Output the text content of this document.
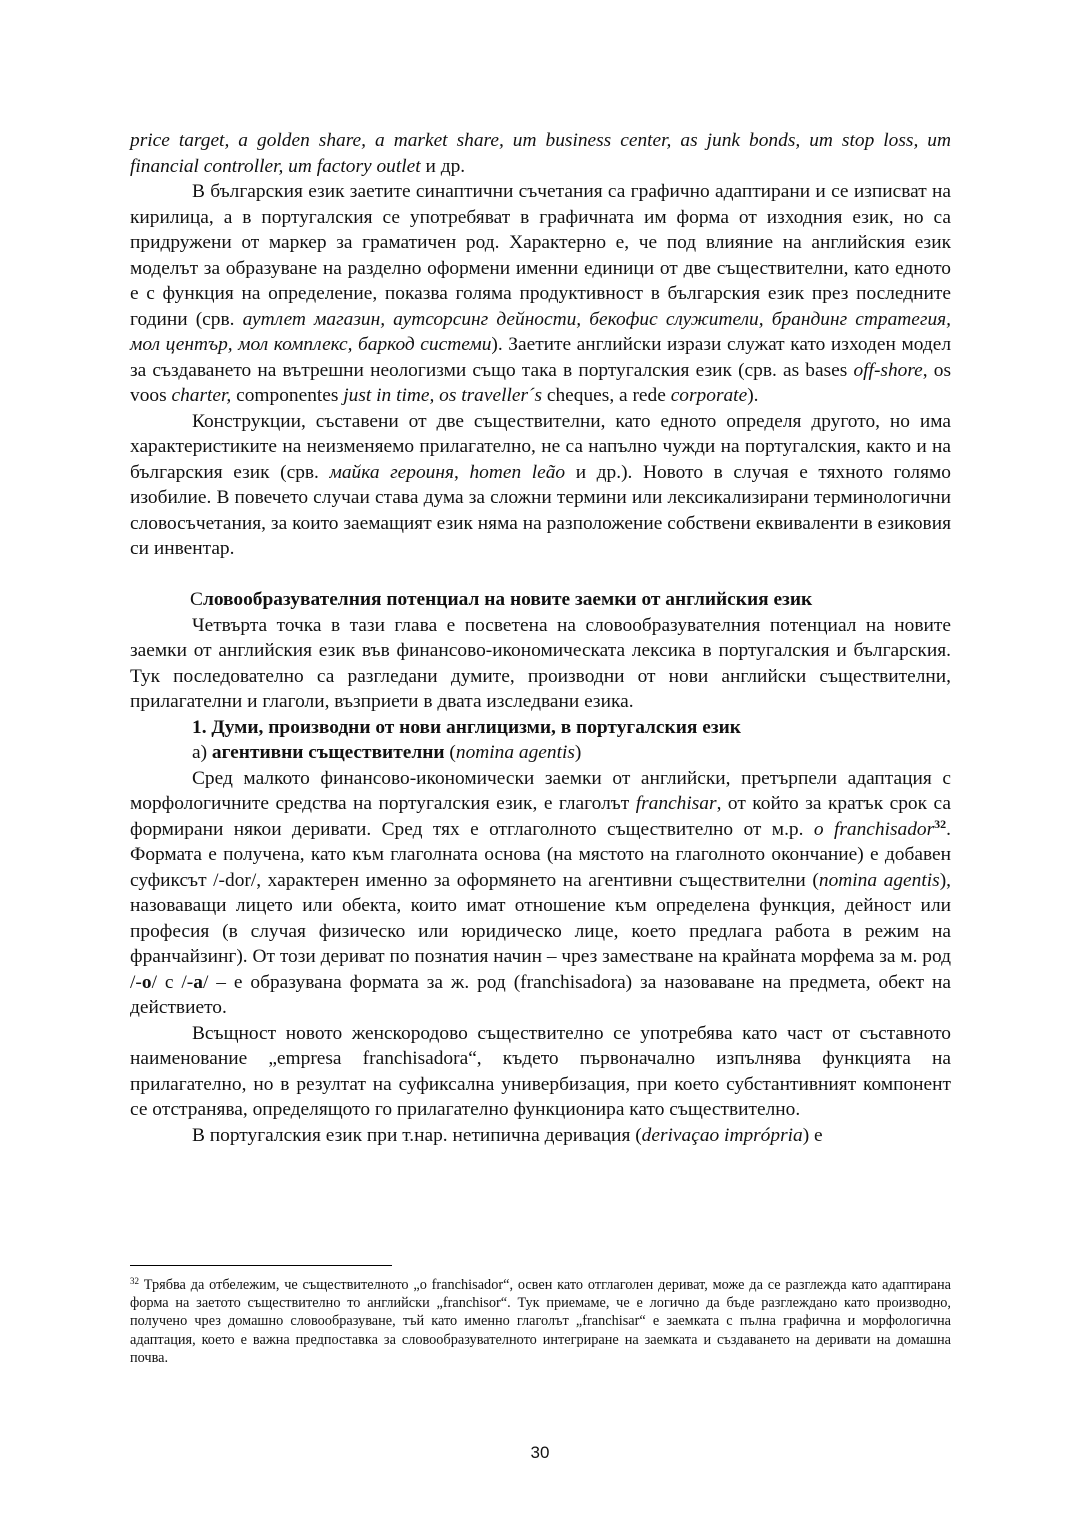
price target, a golden share, a market share, um business center, as junk bonds, um stop loss, um financial controller, um factory outlet и др.

В българския език заетите синаптични съчетания са графично адаптирани и се изписват на кирилица, а в португалския се употребяват в графичната им форма от изходния език, но са придружени от маркер за граматичен род. Характерно е, че под влияние на английския език моделът за образуване на разделно оформени именни единици от две съществителни, като едното е с функция на определение, показва голяма продуктивност в българския език през последните години (срв. аутлет магазин, аутсорсинг дейности, бекофис служители, брандинг стратегия, мол център, мол комплекс, баркод системи). Заетите английски изрази служат като изходен модел за създаването на вътрешни неологизми също така в португалския език (срв. as bases off-shore, os voos charter, componentes just in time, os traveller´s cheques, a rede corporate).

Конструкции, съставени от две съществителни, като едното определя другото, но има характеристиките на неизменяемо прилагателно, не са напълно чужди на португалския, както и на българския език (срв. майка героиня, homen leão и др.). Новото в случая е тяхното голямо изобилие. В повечето случаи става дума за сложни термини или лексикализирани терминологични словосъчетания, за които заемащият език няма на разположение собствени еквиваленти в езиковия си инвентар.

Словообразувателния потенциал на новите заемки от английския език

Четвърта точка в тази глава е посветена на словообразувателния потенциал на новите заемки от английския език във финансово-икономическата лексика в португалския и българския. Тук последователно са разгледани думите, производни от нови английски съществителни, прилагателни и глаголи, възприети в двата изследвани езика.

1. Думи, производни от нови англицизми, в португалския език

а) агентивни съществителни (nomina agentis)

Сред малкото финансово-икономически заемки от английски, претърпели адаптация с морфологичните средства на португалския език, е глаголът franchisar, от който за кратък срок са формирани някои деривати. Сред тях е отглаголното съществително от м.р. o franchisador$^{32}$. Формата е получена, като към глаголната основа (на мястото на глаголното окончание) е добавен суфиксът /-dor/, характерен именно за оформянето на агентивни съществителни (nomina agentis), назоваващи лицето или обекта, които имат отношение към определена функция, дейност или професия (в случая физическо или юридическо лице, което предлага работа в режим на франчайзинг). От този дериват по познатия начин – чрез заместване на крайната морфема за м. род /-о/ с /-а/ – е образувана формата за ж. род (franchisadora) за назоваване на предмета, обект на действието.

Всъщност новото женскородово съществително се употребява като част от съставното наименование „empresa franchisadora“, където първоначално изпълнява функцията на прилагателно, но в резултат на суфиксална универбизация, при което субстантивният компонент се отстранява, определящото го прилагателно функционира като съществително.

В португалския език при т.нар. нетипична деривация (derivaçao imprópria) е

$^{32}$ Трябва да отбележим, че съществителното „o franchisador“, освен като отглаголен дериват, може да се разглежда като адаптирана форма на заетото съществително то английски „franchisor“. Тук приемаме, че е логично да бъде разглеждано като производно, получено чрез домашно словообразуване, тъй като именно глаголът „franchisar“ е заемката с пълна графична и морфологична адаптация, което е важна предпоставка за словообразувателното интегриране на заемката и създаването на деривати на домашна почва.
30
